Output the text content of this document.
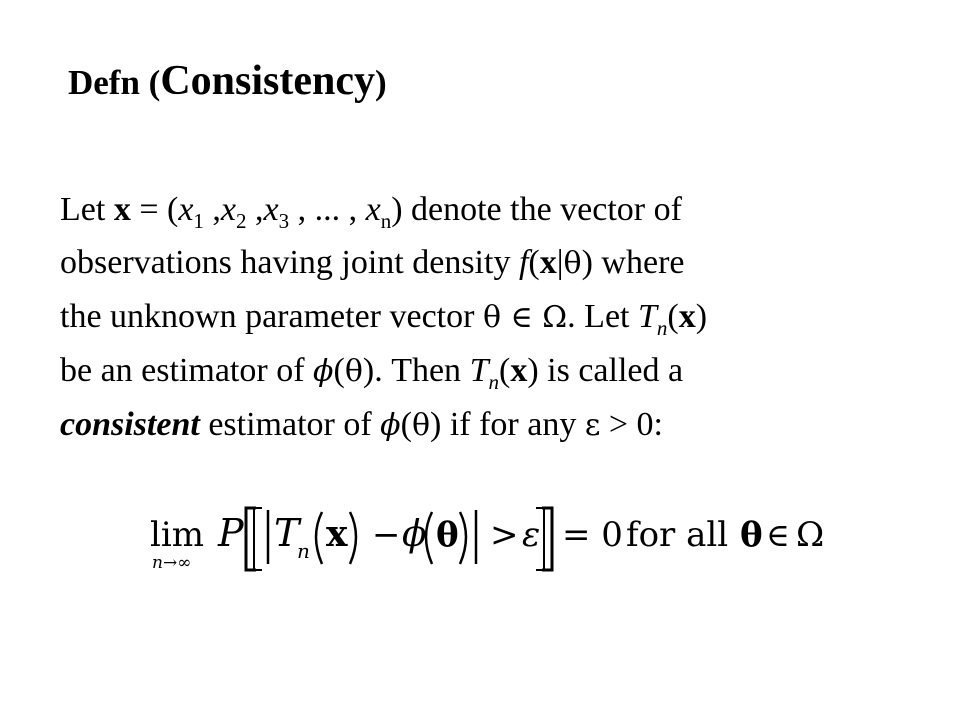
Defn (Consistency)
Let $x = (x_1$ $,x_2$ $,x_3$ , ... , $x_n$) denote the vector of
observations having joint density f(x|θ) where
the unknown parameter vector θ ∈ Ω. Let $T_n(x)$
be an estimator of ϕ(θ). Then $T_n(x)$ is called a
consistent estimator of ϕ(θ) if for any ε > 0:
lim
n→∞
P T
n x − ϕ θ > ε = 0 for all θ ∈ Ω
